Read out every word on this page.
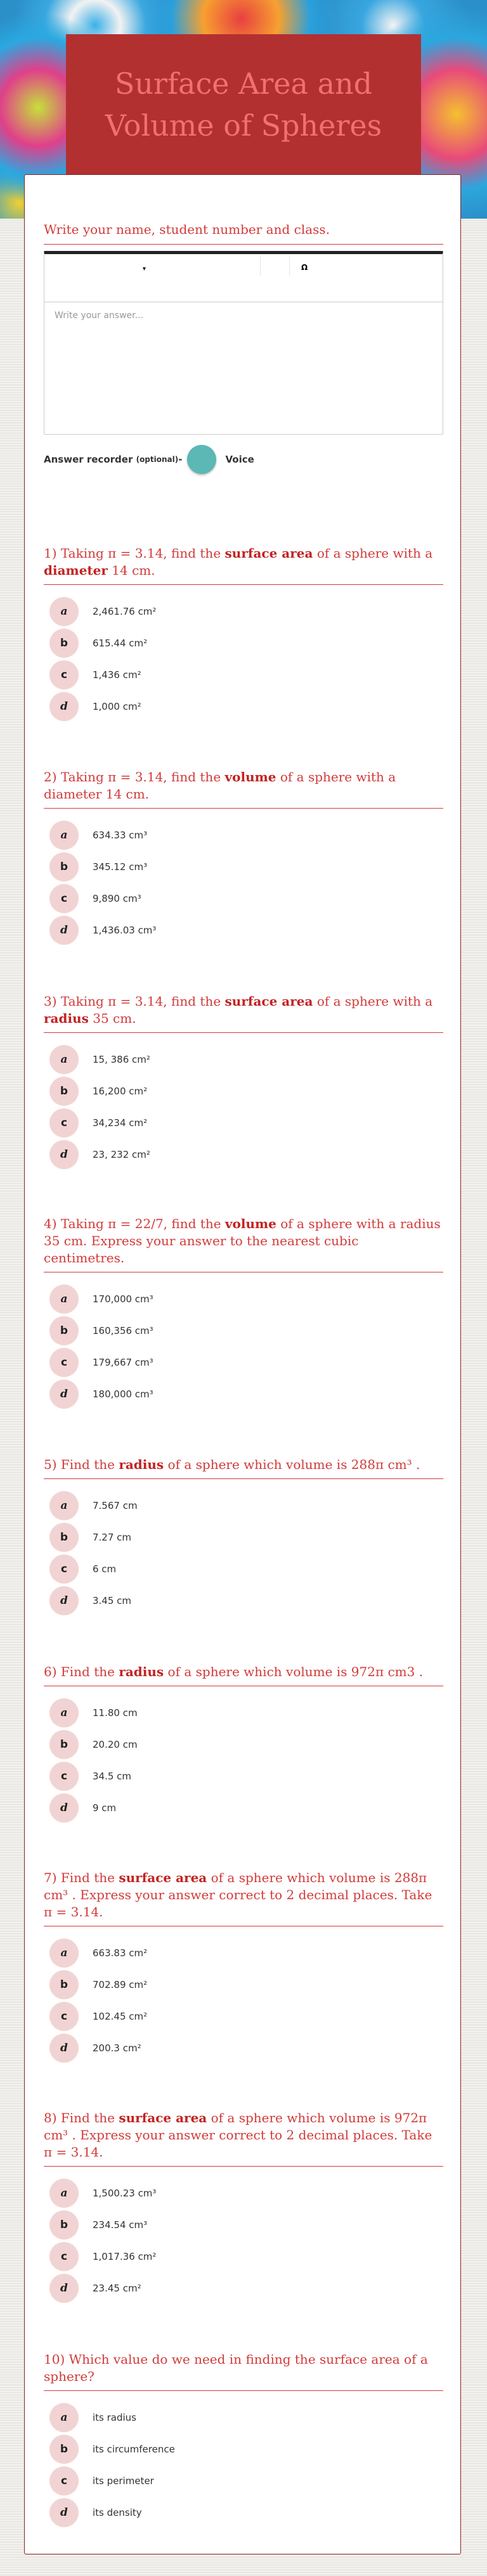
Surface Area and Volume of Spheres
Write your name, student number and class.
▾	Ω
Write your answer...
Answer recorder
(optional) -	Voice
1) Taking π = 3.14, find the surface area of a sphere with a diameter 14 cm.
a	2,461.76 cm²
b	615.44 cm²
c	1,436 cm²
d	1,000 cm²
2) Taking π = 3.14, find the volume of a sphere with a diameter 14 cm.
a	634.33 cm³
b	345.12 cm³
c	9,890 cm³
d	1,436.03 cm³
3) Taking π = 3.14, find the surface area of a sphere with a radius 35 cm.
a	15, 386 cm²
b	16,200 cm²
c	34,234 cm²
d	23, 232 cm²
4) Taking π = 22/7, find the volume of a sphere with a radius 35 cm. Express your answer to the nearest cubic centimetres.
a	170,000 cm³
b	160,356 cm³
c	179,667 cm³
d	180,000 cm³
5) Find the radius of a sphere which volume is 288π cm³ .
a	7.567 cm
b	7.27 cm
c	6 cm
d	3.45 cm
6) Find the radius of a sphere which volume is 972π cm3 .
a	11.80 cm
b	20.20 cm
c	34.5 cm
d	9 cm
7) Find the surface area of a sphere which volume is 288π cm³ . Express your answer correct to 2 decimal places. Take π = 3.14.
a	663.83 cm²
b	702.89 cm²
c	102.45 cm²
d	200.3 cm²
8) Find the surface area of a sphere which volume is 972π cm³ . Express your answer correct to 2 decimal places. Take π = 3.14.
a	1,500.23 cm³
b	234.54 cm³
c	1,017.36 cm²
d	23.45 cm²
10) Which value do we need in finding the surface area of a sphere?
a	its radius
b	its circumference
c	its perimeter
d	its density
